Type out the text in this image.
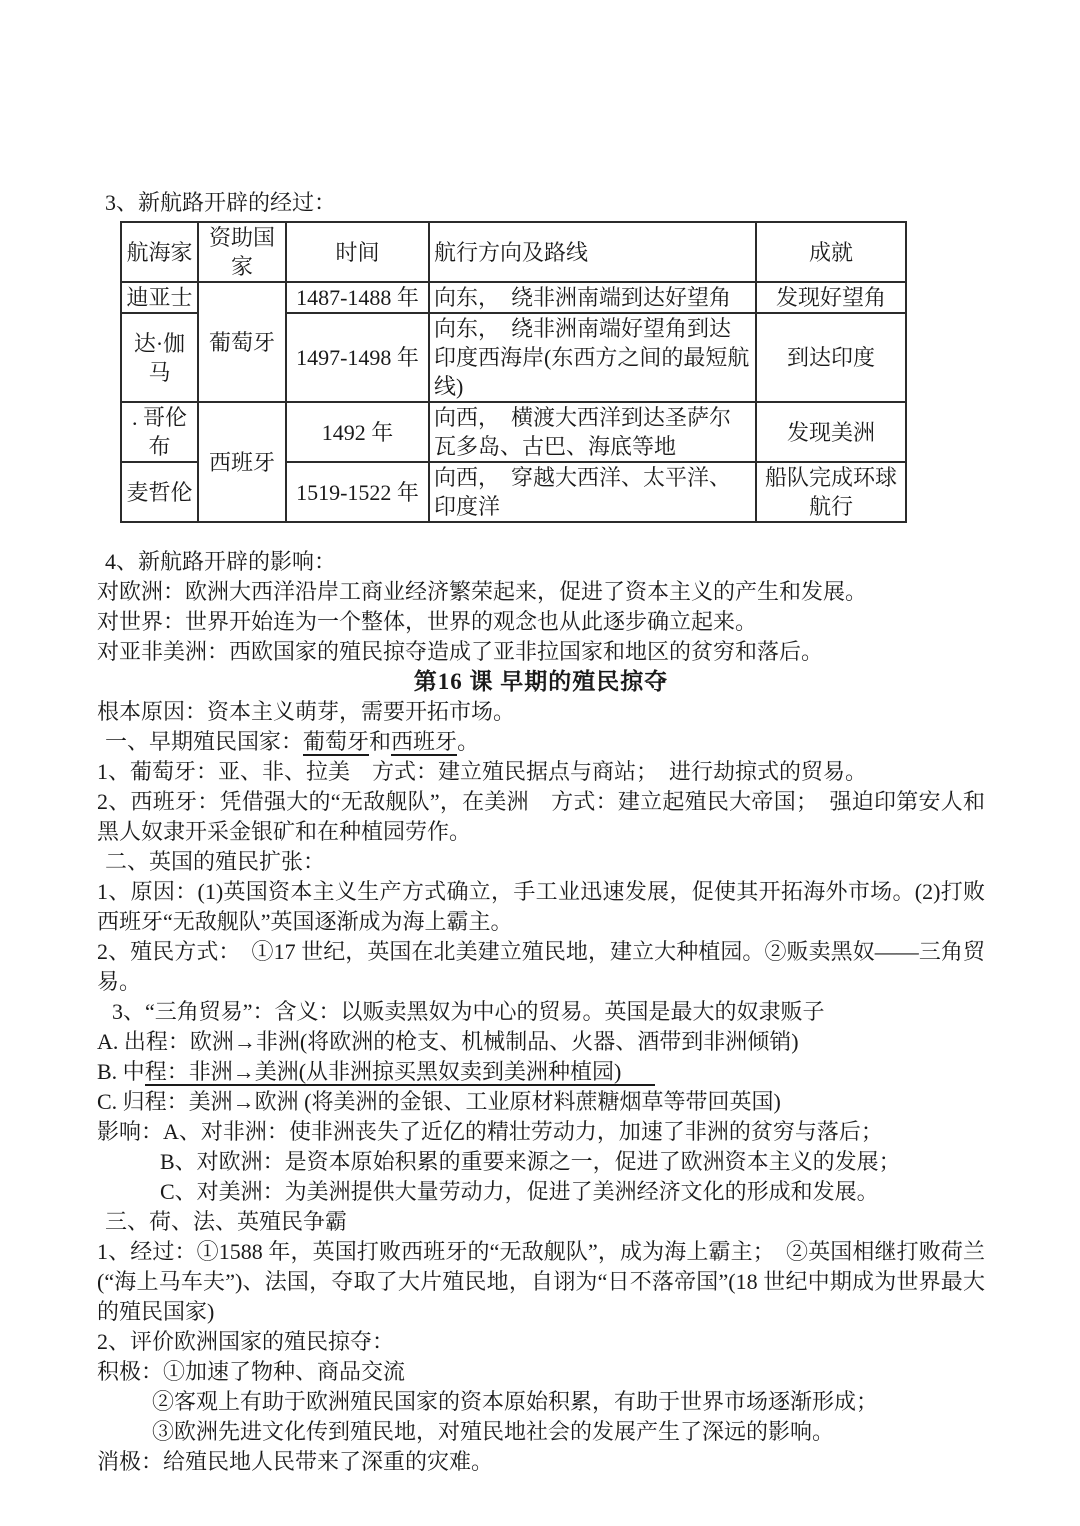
3、新航路开辟的经过：

航海家	资助国家	时间	航行方向及路线	成就
迪亚士	葡萄牙	1487-1488 年	向东，　绕非洲南端到达好望角	发现好望角
达·伽马		1497-1498 年	向东，　绕非洲南端好望角到达印度西海岸(东西方之间的最短航线)	到达印度
. 哥伦布	西班牙	1492 年	向西，　横渡大西洋到达圣萨尔瓦多岛、古巴、海底等地	发现美洲
麦哲伦		1519-1522 年	向西，　穿越大西洋、太平洋、印度洋	船队完成环球航行

4、新航路开辟的影响：

对欧洲：欧洲大西洋沿岸工商业经济繁荣起来，促进了资本主义的产生和发展。

对世界：世界开始连为一个整体，世界的观念也从此逐步确立起来。

对亚非美洲：西欧国家的殖民掠夺造成了亚非拉国家和地区的贫穷和落后。

第16 课 早期的殖民掠夺

根本原因：资本主义萌芽，需要开拓市场。

一、早期殖民国家：葡萄牙和西班牙。

1、葡萄牙：亚、非、拉美　方式：建立殖民据点与商站；　进行劫掠式的贸易。

2、西班牙：凭借强大的“无敌舰队”，在美洲　方式：建立起殖民大帝国；　强迫印第安人和黑人奴隶开采金银矿和在种植园劳作。

二、英国的殖民扩张：

1、原因：(1)英国资本主义生产方式确立，手工业迅速发展，促使其开拓海外市场。(2)打败西班牙“无敌舰队”英国逐渐成为海上霸主。

2、殖民方式：　①17 世纪，英国在北美建立殖民地，建立大种植园。②贩卖黑奴——三角贸易。

3、“三角贸易”：含义：以贩卖黑奴为中心的贸易。英国是最大的奴隶贩子

A. 出程：欧洲→非洲(将欧洲的枪支、机械制品、火器、酒带到非洲倾销)

B. 中程：非洲→美洲(从非洲掠买黑奴卖到美洲种植园)

C. 归程：美洲→欧洲 (将美洲的金银、工业原材料蔗糖烟草等带回英国)

影响：A、对非洲：使非洲丧失了近亿的精壮劳动力，加速了非洲的贫穷与落后；

B、对欧洲：是资本原始积累的重要来源之一，促进了欧洲资本主义的发展；

C、对美洲：为美洲提供大量劳动力，促进了美洲经济文化的形成和发展。

三、荷、法、英殖民争霸

1、经过：①1588 年，英国打败西班牙的“无敌舰队”，成为海上霸主；　②英国相继打败荷兰(“海上马车夫”)、法国，夺取了大片殖民地，自诩为“日不落帝国”(18 世纪中期成为世界最大的殖民国家)

2、评价欧洲国家的殖民掠夺：

积极：①加速了物种、商品交流

②客观上有助于欧洲殖民国家的资本原始积累，有助于世界市场逐渐形成；

③欧洲先进文化传到殖民地，对殖民地社会的发展产生了深远的影响。

消极：给殖民地人民带来了深重的灾难。
